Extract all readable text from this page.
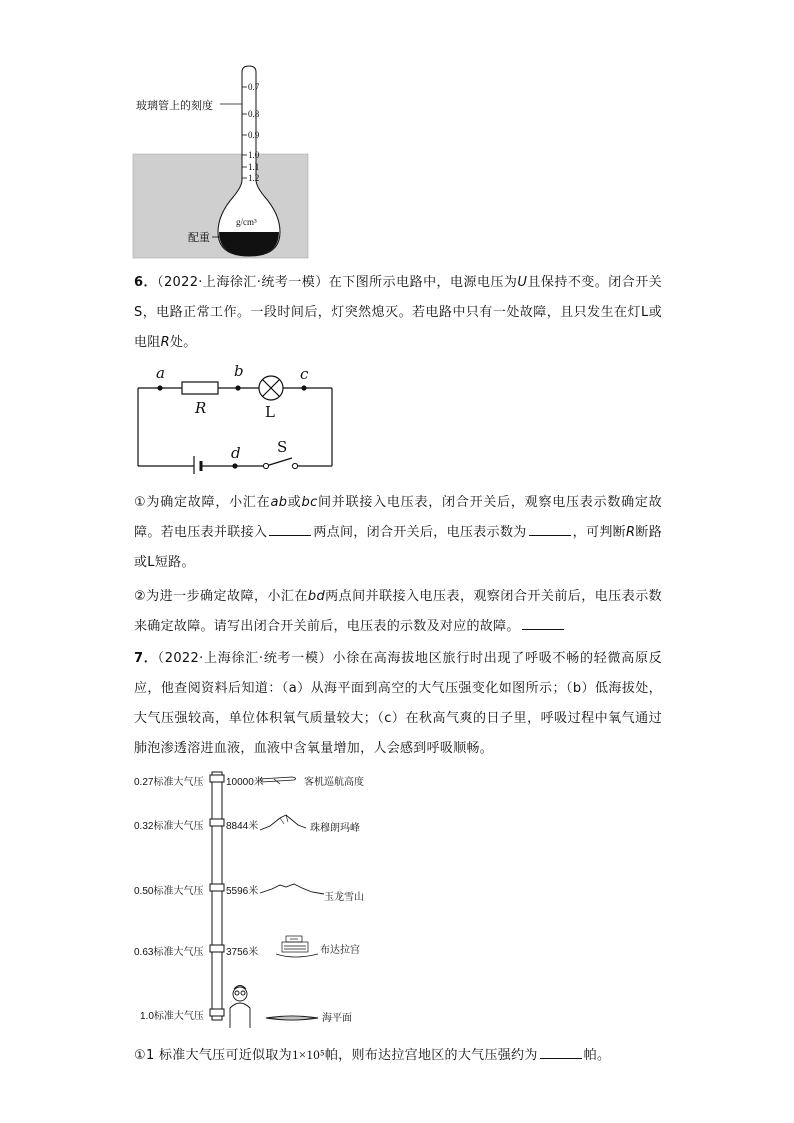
0.7
0.8
0.9
1.0
1.1
1.2
g/cm³
玻璃管上的刻度
配重
6．（2022·上海徐汇·统考一模）在下图所示电路中，电源电压为U且保持不变。闭合开关S，电路正常工作。一段时间后，灯突然熄灭。若电路中只有一处故障，且只发生在灯L或电阻R处。
a	b	c
R	L
d S
①为确定故障，小汇在ab或bc间并联接入电压表，闭合开关后，观察电压表示数确定故障。若电压表并联接入	两点间，闭合开关后，电压表示数为	，可判断R断路或L短路。
②为进一步确定故障，小汇在bd两点间并联接入电压表，观察闭合开关前后，电压表示数来确定故障。请写出闭合开关前后，电压表的示数及对应的故障。
7．（2022·上海徐汇·统考一模）小徐在高海拔地区旅行时出现了呼吸不畅的轻微高原反应，他查阅资料后知道：（a）从海平面到高空的大气压强变化如图所示；（b）低海拔处，大气压强较高，单位体积氧气质量较大；（c）在秋高气爽的日子里，呼吸过程中氧气通过肺泡渗透溶进血液，血液中含氧量增加，人会感到呼吸顺畅。
0.27标准大气压
0.32标准大气压
0.50标准大气压
0.63标准大气压
1.0标准大气压
10000米
8844米
5596米
3756米
客机巡航高度
珠穆朗玛峰
玉龙雪山
布达拉宫
海平面
①1 标准大气压可近似取为1×10⁵帕，则布达拉宫地区的大气压强约为	帕。
